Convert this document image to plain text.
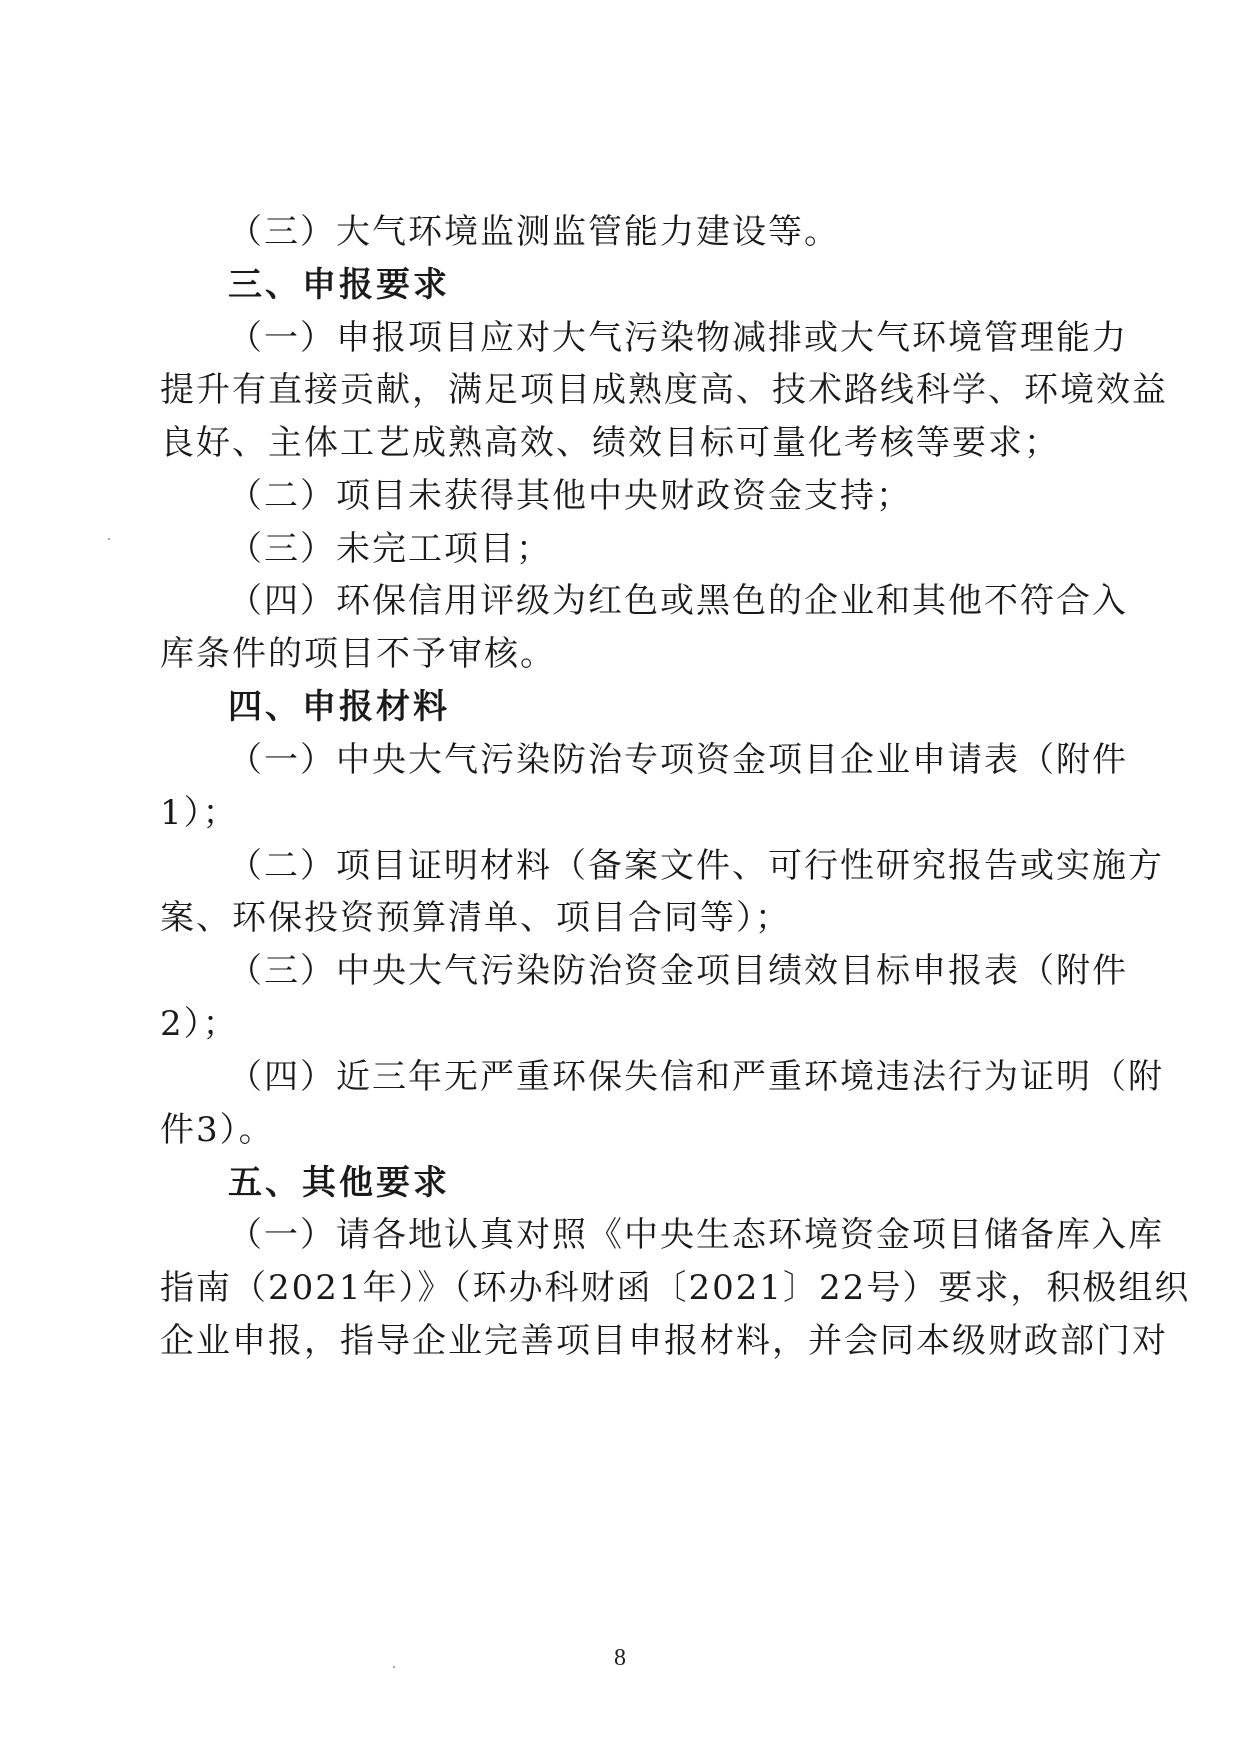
（三）大气环境监测监管能力建设等。
三、申报要求
（一）申报项目应对大气污染物减排或大气环境管理能力
提升有直接贡献，满足项目成熟度高、技术路线科学、环境效益
良好、主体工艺成熟高效、绩效目标可量化考核等要求；
（二）项目未获得其他中央财政资金支持；
（三）未完工项目；
（四）环保信用评级为红色或黑色的企业和其他不符合入
库条件的项目不予审核。
四、申报材料
（一）中央大气污染防治专项资金项目企业申请表（附件
1）；
（二）项目证明材料（备案文件、可行性研究报告或实施方
案、环保投资预算清单、项目合同等）；
（三）中央大气污染防治资金项目绩效目标申报表（附件
2）；
（四）近三年无严重环保失信和严重环境违法行为证明（附
件3）。
五、其他要求
（一）请各地认真对照《中央生态环境资金项目储备库入库
指南（2021年）》（环办科财函〔2021〕22号）要求，积极组织
企业申报，指导企业完善项目申报材料，并会同本级财政部门对
8
